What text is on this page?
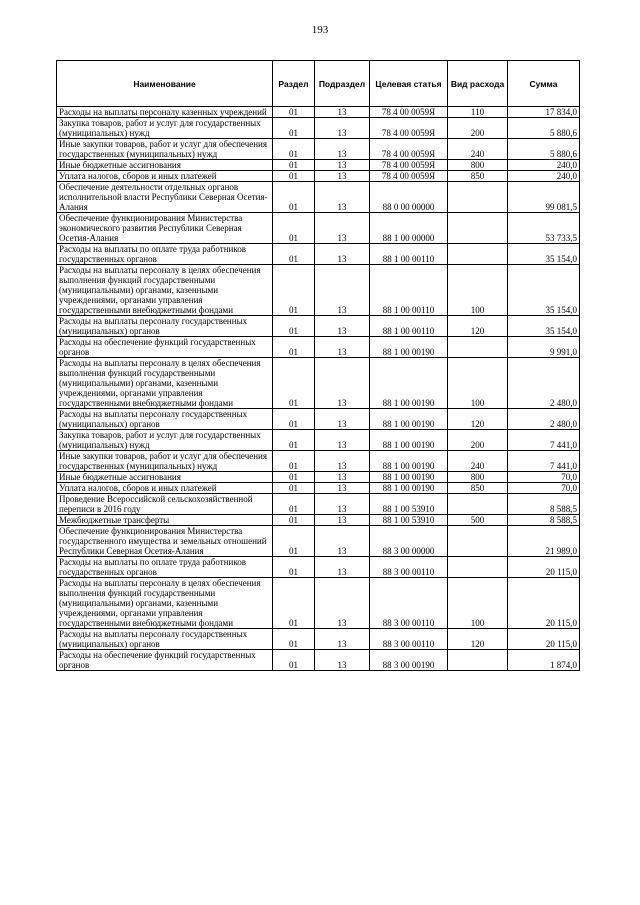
193
Наименование	Раздел	Подраздел	Целевая статья	Вид расхода	Сумма
Расходы на выплаты персоналу казенных учреждений	01	13	78 4 00 0059Я	110	17 834,0
Закупка товаров, работ и услуг для государственных (муниципальных) нужд	01	13	78 4 00 0059Я	200	5 880,6
Иные закупки товаров, работ и услуг для обеспечения государственных (муниципальных) нужд	01	13	78 4 00 0059Я	240	5 880,6
Иные бюджетные ассигнования	01	13	78 4 00 0059Я	800	240,0
Уплата налогов, сборов и иных платежей	01	13	78 4 00 0059Я	850	240,0
Обеспечение деятельности отдельных органов исполнительной власти Республики Северная Осетия-Алания	01	13	88 0 00 00000		99 081,5
Обеспечение функционирования Министерства экономического развития Республики Северная Осетия-Алания	01	13	88 1 00 00000		53 733,5
Расходы на выплаты по оплате труда работников государственных органов	01	13	88 1 00 00110		35 154,0
Расходы на выплаты персоналу в целях обеспечения выполнения функций государственными (муниципальными) органами, казенными учреждениями, органами управления государственными внебюджетными фондами	01	13	88 1 00 00110	100	35 154,0
Расходы на выплаты персоналу государственных (муниципальных) органов	01	13	88 1 00 00110	120	35 154,0
Расходы на обеспечение функций государственных органов	01	13	88 1 00 00190		9 991,0
Расходы на выплаты персоналу в целях обеспечения выполнения функций государственными (муниципальными) органами, казенными учреждениями, органами управления государственными внебюджетными фондами	01	13	88 1 00 00190	100	2 480,0
Расходы на выплаты персоналу государственных (муниципальных) органов	01	13	88 1 00 00190	120	2 480,0
Закупка товаров, работ и услуг для государственных (муниципальных) нужд	01	13	88 1 00 00190	200	7 441,0
Иные закупки товаров, работ и услуг для обеспечения государственных (муниципальных) нужд	01	13	88 1 00 00190	240	7 441,0
Иные бюджетные ассигнования	01	13	88 1 00 00190	800	70,0
Уплата налогов, сборов и иных платежей	01	13	88 1 00 00190	850	70,0
Проведение Всероссийской сельскохозяйственной переписи в 2016 году	01	13	88 1 00 53910		8 588,5
Межбюджетные трансферты	01	13	88 1 00 53910	500	8 588,5
Обеспечение функционирования Министерства государственного имущества и земельных отношений Республики Северная Осетия-Алания	01	13	88 3 00 00000		21 989,0
Расходы на выплаты по оплате труда работников государственных органов	01	13	88 3 00 00110		20 115,0
Расходы на выплаты персоналу в целях обеспечения выполнения функций государственными (муниципальными) органами, казенными учреждениями, органами управления государственными внебюджетными фондами	01	13	88 3 00 00110	100	20 115,0
Расходы на выплаты персоналу государственных (муниципальных) органов	01	13	88 3 00 00110	120	20 115,0
Расходы на обеспечение функций государственных органов	01	13	88 3 00 00190		1 874,0
